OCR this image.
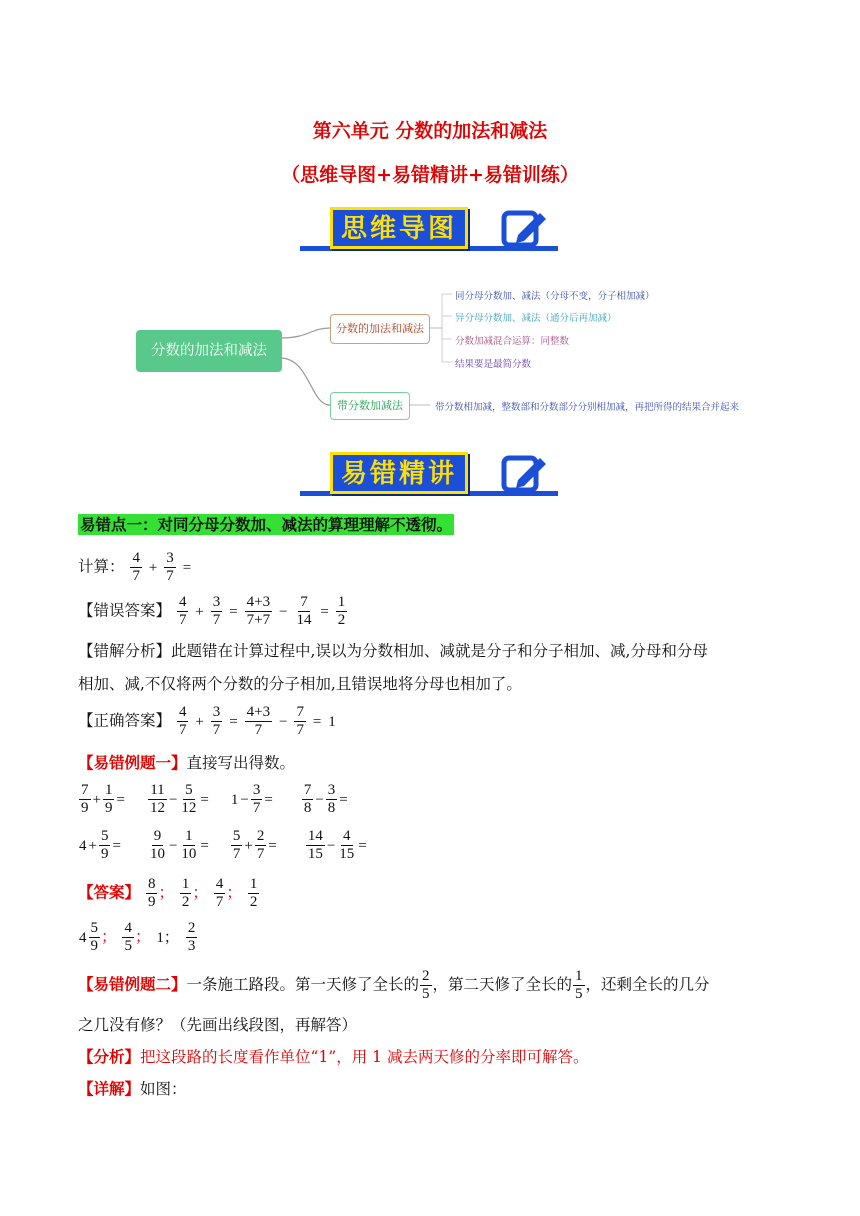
第六单元 分数的加法和减法
（思维导图+易错精讲+易错训练）
思维导图
分数的加法和减法
分数的加法和减法
带分数加减法
同分母分数加、减法（分母不变，分子相加减）
异分母分数加、减法（通分后再加减）
分数加减混合运算：同整数
结果要是最简分数
带分数相加减，整数部和分数部分分别相加减，再把所得的结果合并起来
易错精讲
易错点一：对同分母分数加、减法的算理理解不透彻。
计算： $\frac{4}{7} + \frac{3}{7}$ =
【错误答案】 $\frac{4}{7} + \frac{3}{7} = \frac{4+3}{7+7} - \frac{7}{14} = \frac{1}{2}$
【错解分析】此题错在计算过程中,误以为分数相加、减就是分子和分子相加、减,分母和分母
相加、减,不仅将两个分数的分子相加,且错误地将分母也相加了。
【正确答案】 $\frac{4}{7} + \frac{3}{7} = \frac{4+3}{7} - \frac{7}{7} = 1$
【易错例题一】直接写出得数。
$\frac{7}{9} + \frac{1}{9} = \frac{11}{12} - \frac{5}{12} = 1 - \frac{3}{7} = \frac{7}{8} - \frac{3}{8}$ =
$4 + \frac{5}{9} = \frac{9}{10} - \frac{1}{10} = \frac{5}{7} + \frac{2}{7} = \frac{14}{15} - \frac{4}{15}$ =
【答案】 $\frac{8}{9}$ ； $\frac{1}{2}$ ； $\frac{4}{7}$ ； $\frac{1}{2}$
$4 \frac{5}{9}$ ； $\frac{4}{5}$ ； 1； $\frac{2}{3}$
【易错例题二】一条施工路段。第一天修了全长的 $\frac{2}{5}$ ，第二天修了全长的 $\frac{1}{5}$ ，还剩全长的几分
之几没有修？（先画出线段图，再解答）
【分析】把这段路的长度看作单位“1”，用 1 减去两天修的分率即可解答。
【详解】如图：
